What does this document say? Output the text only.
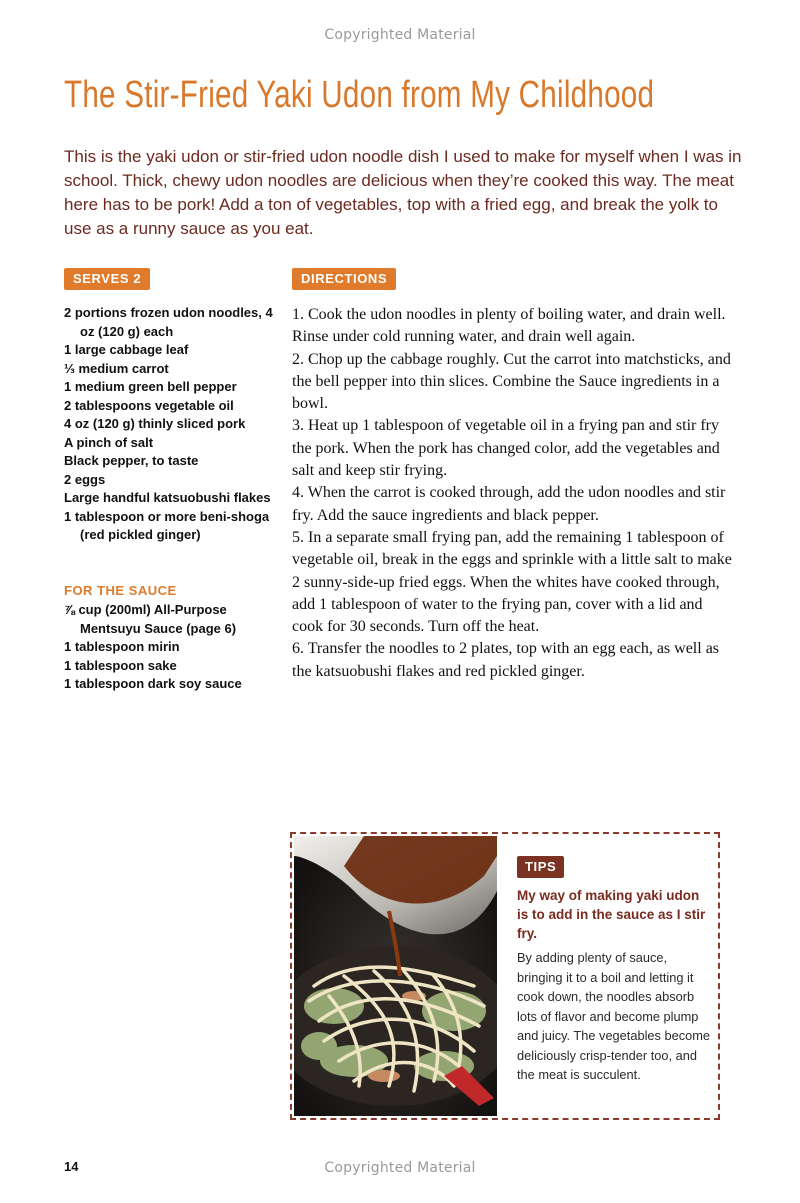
Copyrighted Material
The Stir-Fried Yaki Udon from My Childhood
This is the yaki udon or stir-fried udon noodle dish I used to make for myself when I was in school. Thick, chewy udon noodles are delicious when they’re cooked this way. The meat here has to be pork! Add a ton of vegetables, top with a fried egg, and break the yolk to use as a runny sauce as you eat.
SERVES 2	DIRECTIONS
2 portions frozen udon noodles, 4 oz (120 g) each
1 large cabbage leaf
⅓ medium carrot
1 medium green bell pepper
2 tablespoons vegetable oil
4 oz (120 g) thinly sliced pork
A pinch of salt
Black pepper, to taste
2 eggs
Large handful katsuobushi flakes
1 tablespoon or more beni-shoga (red pickled ginger)
FOR THE SAUCE
⅞ cup (200ml) All-Purpose Mentsuyu Sauce (page 6)
1 tablespoon mirin
1 tablespoon sake
1 tablespoon dark soy sauce
1. Cook the udon noodles in plenty of boiling water, and drain well. Rinse under cold running water, and drain well again.
2. Chop up the cabbage roughly. Cut the carrot into matchsticks, and the bell pepper into thin slices. Combine the Sauce ingredients in a bowl.
3. Heat up 1 tablespoon of vegetable oil in a frying pan and stir fry the pork. When the pork has changed color, add the vegetables and salt and keep stir frying.
4. When the carrot is cooked through, add the udon noodles and stir fry. Add the sauce ingredients and black pepper.
5. In a separate small frying pan, add the remaining 1 tablespoon of vegetable oil, break in the eggs and sprinkle with a little salt to make 2 sunny-side-up fried eggs. When the whites have cooked through, add 1 tablespoon of water to the frying pan, cover with a lid and cook for 30 seconds. Turn off the heat.
6. Transfer the noodles to 2 plates, top with an egg each, as well as the katsuobushi flakes and red pickled ginger.
TIPS
My way of making yaki udon is to add in the sauce as I stir fry.
By adding plenty of sauce, bringing it to a boil and letting it cook down, the noodles absorb lots of flavor and become plump and juicy. The vegetables become deliciously crisp-tender too, and the meat is succulent.
14	Copyrighted Material
